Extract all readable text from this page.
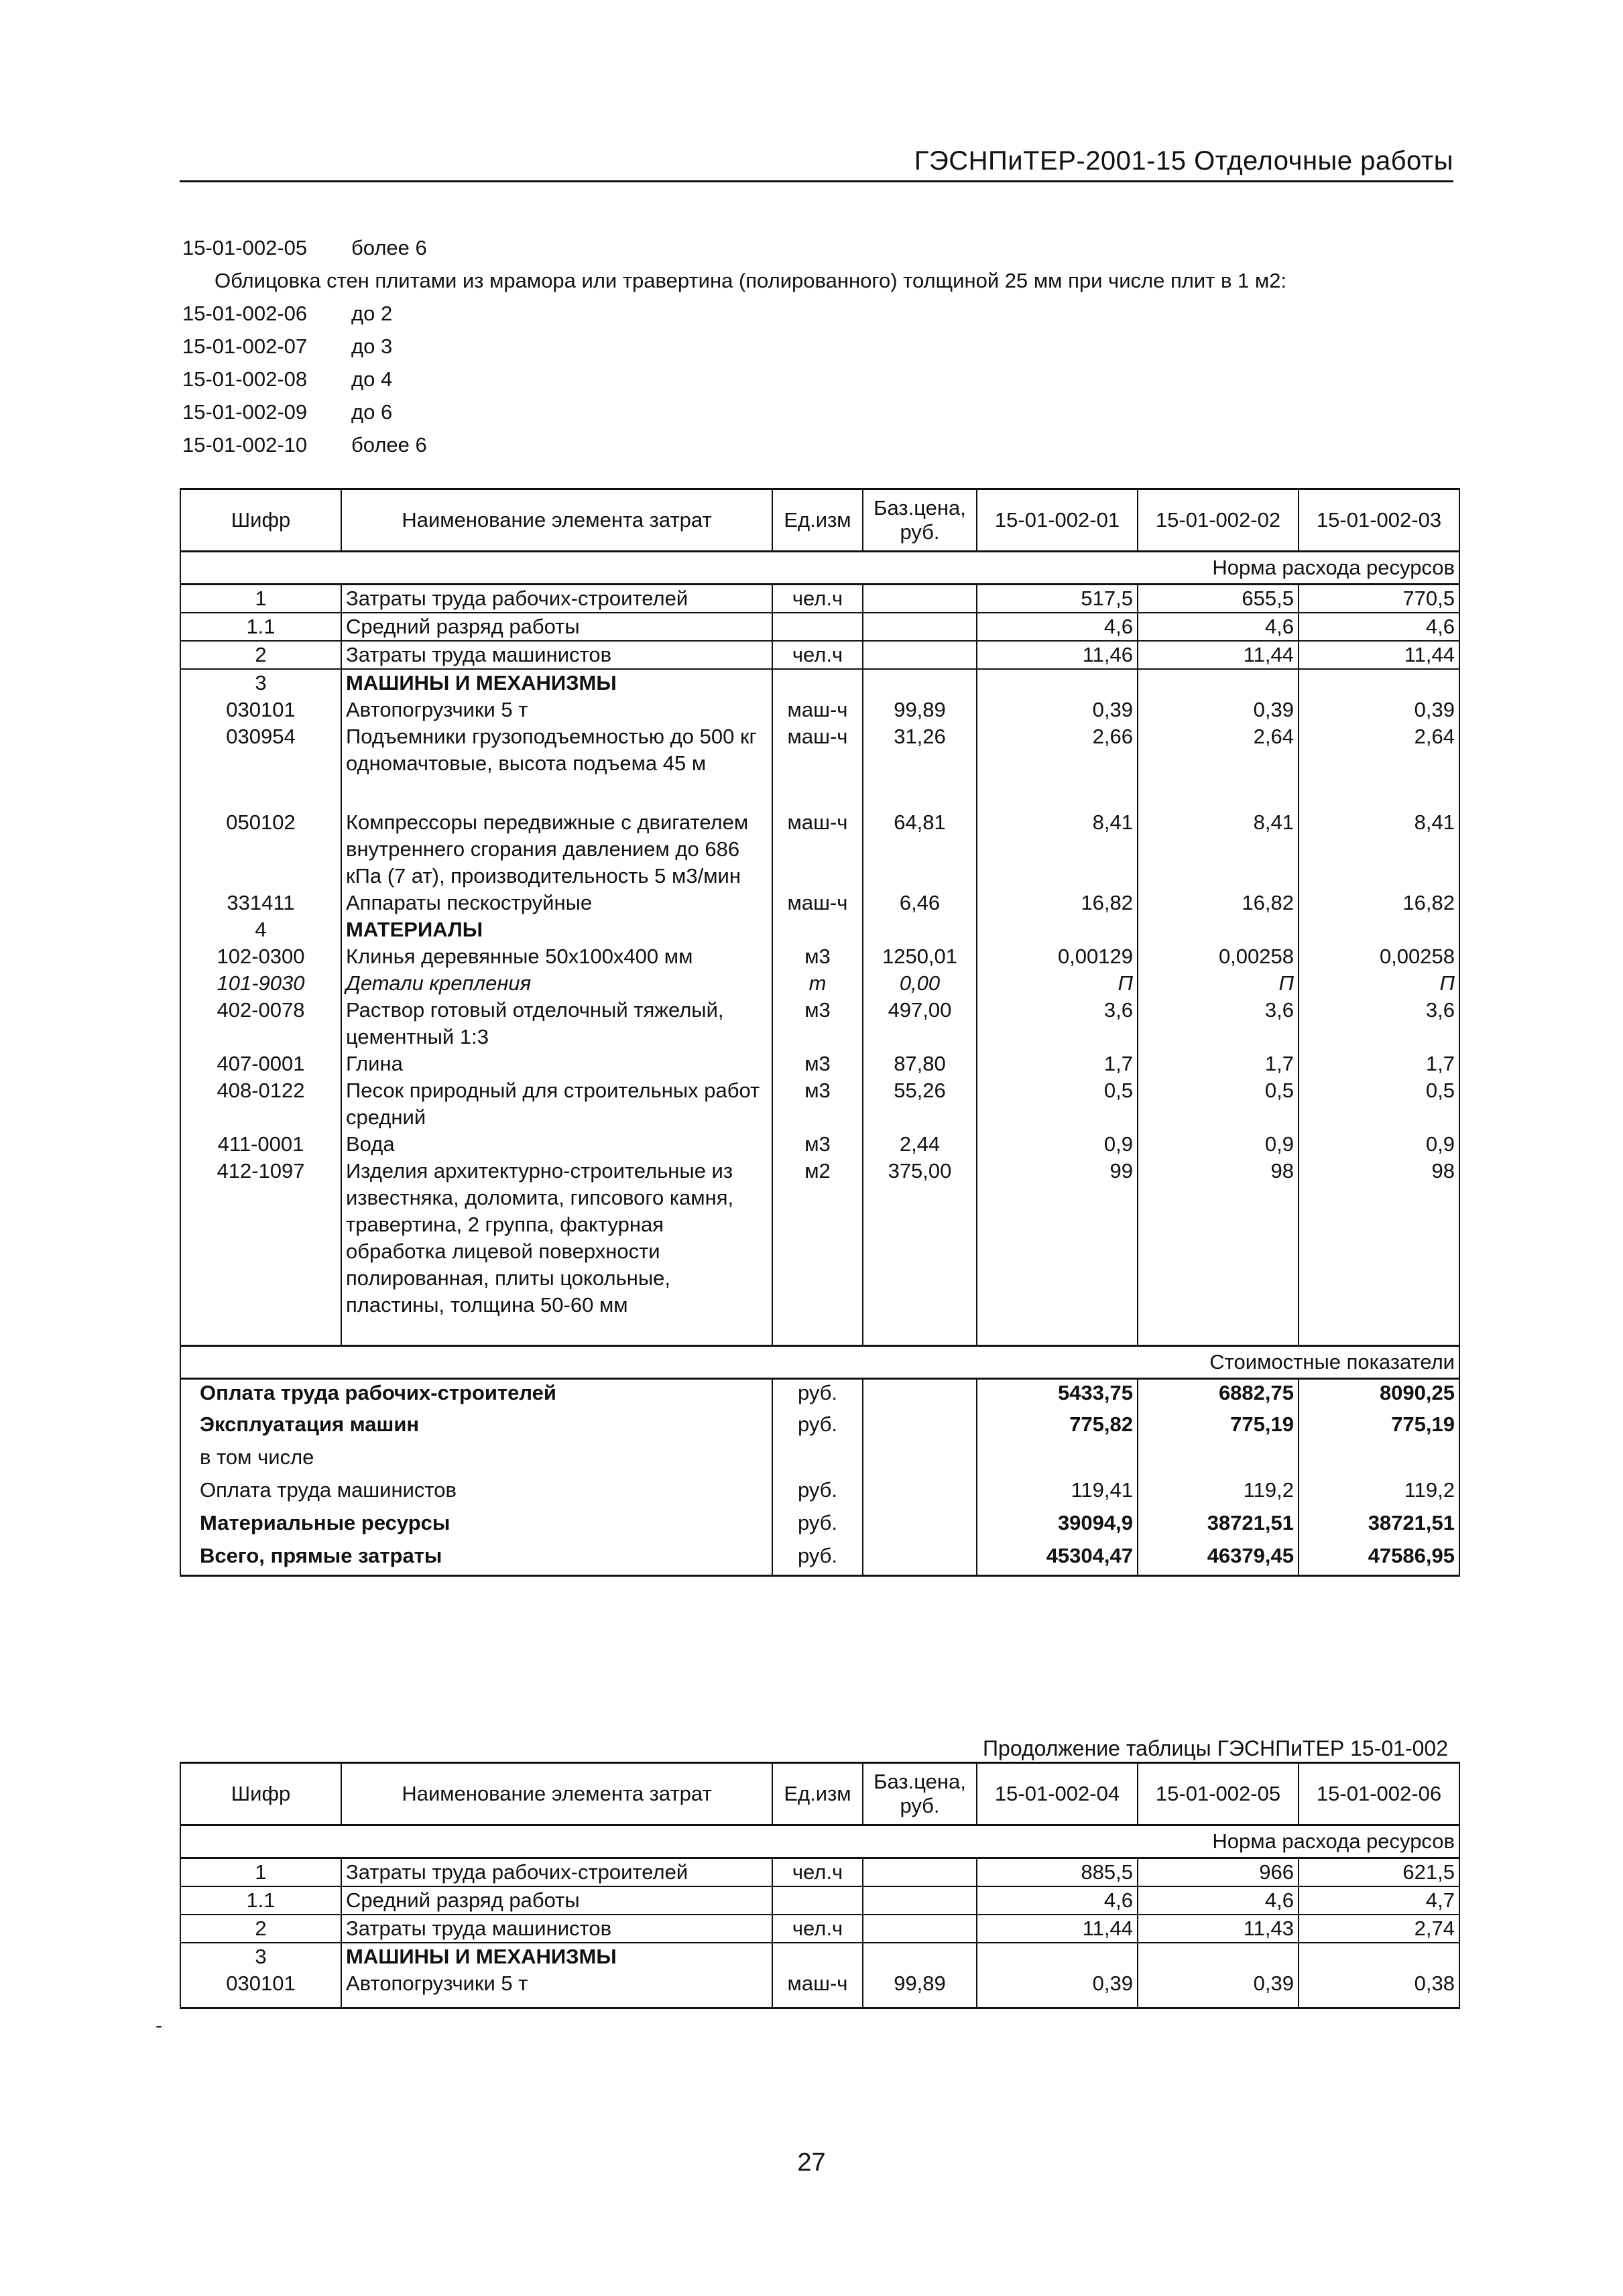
ГЭСНПиТЕР-2001-15 Отделочные работы
15-01-002-05	более 6
Облицовка стен плитами из мрамора или травертина (полированного) толщиной 25 мм при числе плит в 1 м2:
15-01-002-06	до 2
15-01-002-07	до 3
15-01-002-08	до 4
15-01-002-09	до 6
15-01-002-10	более 6
Шифр	Наименование элемента затрат	Ед.изм	Баз.цена, руб.	15-01-002-01	15-01-002-02	15-01-002-03
Норма расхода ресурсов						
1	Затраты труда рабочих-строителей	чел.ч		517,5	655,5	770,5
1.1	Средний разряд работы			4,6	4,6	4,6
2	Затраты труда машинистов	чел.ч		11,46	11,44	11,44
3	МАШИНЫ И МЕХАНИЗМЫ					
030101	Автопогрузчики 5 т	маш-ч	99,89	0,39	0,39	0,39
030954	Подъемники грузоподъемностью до 500 кг одномачтовые, высота подъема 45 м	маш-ч	31,26	2,66	2,64	2,64
050102	Компрессоры передвижные с двигателем внутреннего сгорания давлением до 686 кПа (7 ат), производительность 5 м3/мин	маш-ч	64,81	8,41	8,41	8,41
331411	Аппараты пескоструйные	маш-ч	6,46	16,82	16,82	16,82
4	МАТЕРИАЛЫ					
102-0300	Клинья деревянные 50х100х400 мм	м3	1250,01	0,00129	0,00258	0,00258
101-9030	Детали крепления	т	0,00	П	П	П
402-0078	Раствор готовый отделочный тяжелый, цементный 1:3	м3	497,00	3,6	3,6	3,6
407-0001	Глина	м3	87,80	1,7	1,7	1,7
408-0122	Песок природный для строительных работ средний	м3	55,26	0,5	0,5	0,5
411-0001	Вода	м3	2,44	0,9	0,9	0,9
412-1097	Изделия архитектурно-строительные из известняка, доломита, гипсового камня, травертина, 2 группа, фактурная обработка лицевой поверхности полированная, плиты цокольные, пластины, толщина 50-60 мм	м2	375,00	99	98	98
Стоимостные показатели						
Оплата труда рабочих-строителей		руб.		5433,75	6882,75	8090,25
Эксплуатация машин		руб.		775,82	775,19	775,19
в том числе						
Оплата труда машинистов		руб.		119,41	119,2	119,2
Материальные ресурсы		руб.		39094,9	38721,51	38721,51
Всего, прямые затраты		руб.		45304,47	46379,45	47586,95
Продолжение таблицы ГЭСНПиТЕР 15-01-002
Шифр	Наименование элемента затрат	Ед.изм	Баз.цена, руб.	15-01-002-04	15-01-002-05	15-01-002-06
Норма расхода ресурсов						
1	Затраты труда рабочих-строителей	чел.ч		885,5	966	621,5
1.1	Средний разряд работы			4,6	4,6	4,7
2	Затраты труда машинистов	чел.ч		11,44	11,43	2,74
3	МАШИНЫ И МЕХАНИЗМЫ					
030101	Автопогрузчики 5 т	маш-ч	99,89	0,39	0,39	0,38
-
27
